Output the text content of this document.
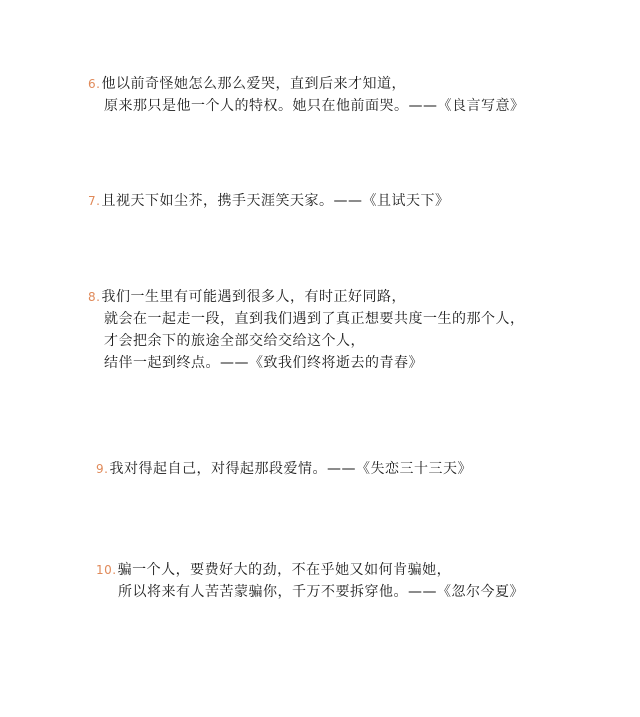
6.他以前奇怪她怎么那么爱哭，直到后来才知道，
原来那只是他一个人的特权。她只在他前面哭。——《良言写意》
7.且视天下如尘芥，携手天涯笑天家。——《且试天下》
8.我们一生里有可能遇到很多人，有时正好同路，
就会在一起走一段，直到我们遇到了真正想要共度一生的那个人，
才会把余下的旅途全部交给交给这个人，
结伴一起到终点。——《致我们终将逝去的青春》
9.我对得起自己，对得起那段爱情。——《失恋三十三天》
10.骗一个人，要费好大的劲，不在乎她又如何肯骗她，
所以将来有人苦苦蒙骗你，千万不要拆穿他。——《忽尔今夏》
